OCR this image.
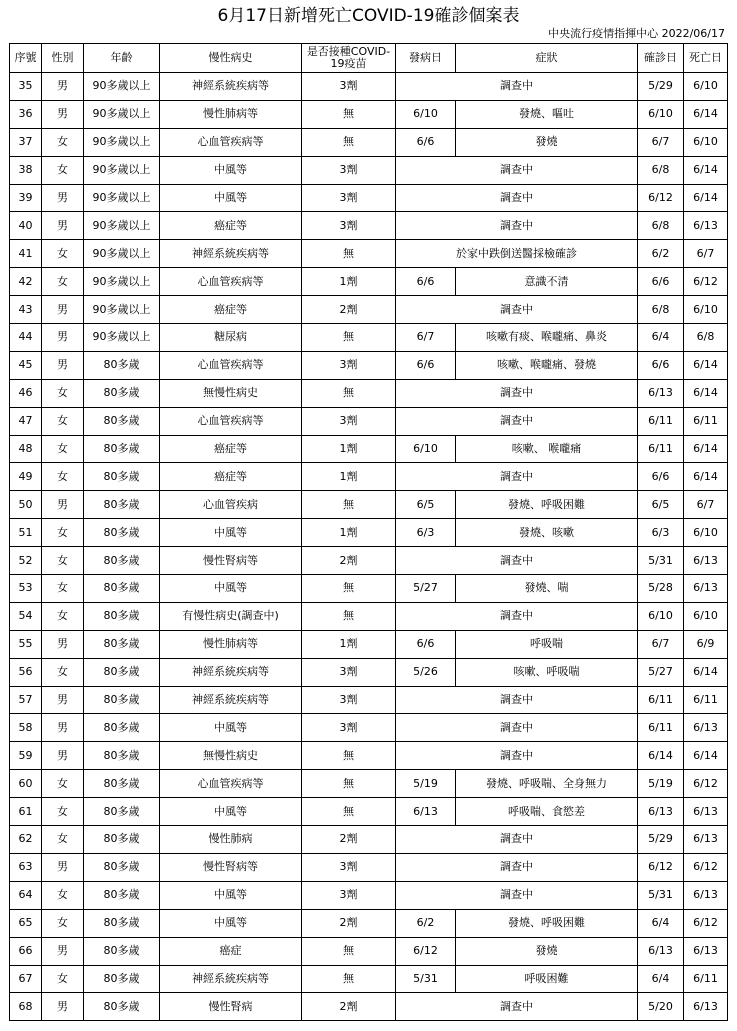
6月17日新增死亡COVID-19確診個案表
中央流行疫情指揮中心 2022/06/17
序號	性別	年齡	慢性病史	是否接種COVID-19疫苗	發病日	症狀	確診日	死亡日
35	男	90多歲以上	神經系統疾病等	3劑	調查中		5/29	6/10
36	男	90多歲以上	慢性肺病等	無	6/10	發燒、嘔吐	6/10	6/14
37	女	90多歲以上	心血管疾病等	無	6/6	發燒	6/7	6/10
38	女	90多歲以上	中風等	3劑	調查中		6/8	6/14
39	男	90多歲以上	中風等	3劑	調查中		6/12	6/14
40	男	90多歲以上	癌症等	3劑	調查中		6/8	6/13
41	女	90多歲以上	神經系統疾病等	無	於家中跌倒送醫採檢確診		6/2	6/7
42	女	90多歲以上	心血管疾病等	1劑	6/6	意識不清	6/6	6/12
43	男	90多歲以上	癌症等	2劑	調查中		6/8	6/10
44	男	90多歲以上	糖尿病	無	6/7	咳嗽有痰、喉嚨痛、鼻炎	6/4	6/8
45	男	80多歲	心血管疾病等	3劑	6/6	咳嗽、喉嚨痛、發燒	6/6	6/14
46	女	80多歲	無慢性病史	無	調查中		6/13	6/14
47	女	80多歲	心血管疾病等	3劑	調查中		6/11	6/11
48	女	80多歲	癌症等	1劑	6/10	咳嗽、 喉嚨痛	6/11	6/14
49	女	80多歲	癌症等	1劑	調查中		6/6	6/14
50	男	80多歲	心血管疾病	無	6/5	發燒、呼吸困難	6/5	6/7
51	女	80多歲	中風等	1劑	6/3	發燒、咳嗽	6/3	6/10
52	女	80多歲	慢性腎病等	2劑	調查中		5/31	6/13
53	女	80多歲	中風等	無	5/27	發燒、喘	5/28	6/13
54	女	80多歲	有慢性病史(調查中)	無	調查中		6/10	6/10
55	男	80多歲	慢性肺病等	1劑	6/6	呼吸喘	6/7	6/9
56	女	80多歲	神經系統疾病等	3劑	5/26	咳嗽、呼吸喘	5/27	6/14
57	男	80多歲	神經系統疾病等	3劑	調查中		6/11	6/11
58	男	80多歲	中風等	3劑	調查中		6/11	6/13
59	男	80多歲	無慢性病史	無	調查中		6/14	6/14
60	女	80多歲	心血管疾病等	無	5/19	發燒、呼吸喘、全身無力	5/19	6/12
61	女	80多歲	中風等	無	6/13	呼吸喘、食慾差	6/13	6/13
62	女	80多歲	慢性肺病	2劑	調查中		5/29	6/13
63	男	80多歲	慢性腎病等	3劑	調查中		6/12	6/12
64	女	80多歲	中風等	3劑	調查中		5/31	6/13
65	女	80多歲	中風等	2劑	6/2	發燒、呼吸困難	6/4	6/12
66	男	80多歲	癌症	無	6/12	發燒	6/13	6/13
67	女	80多歲	神經系統疾病等	無	5/31	呼吸困難	6/4	6/11
68	男	80多歲	慢性腎病	2劑	調查中		5/20	6/13
